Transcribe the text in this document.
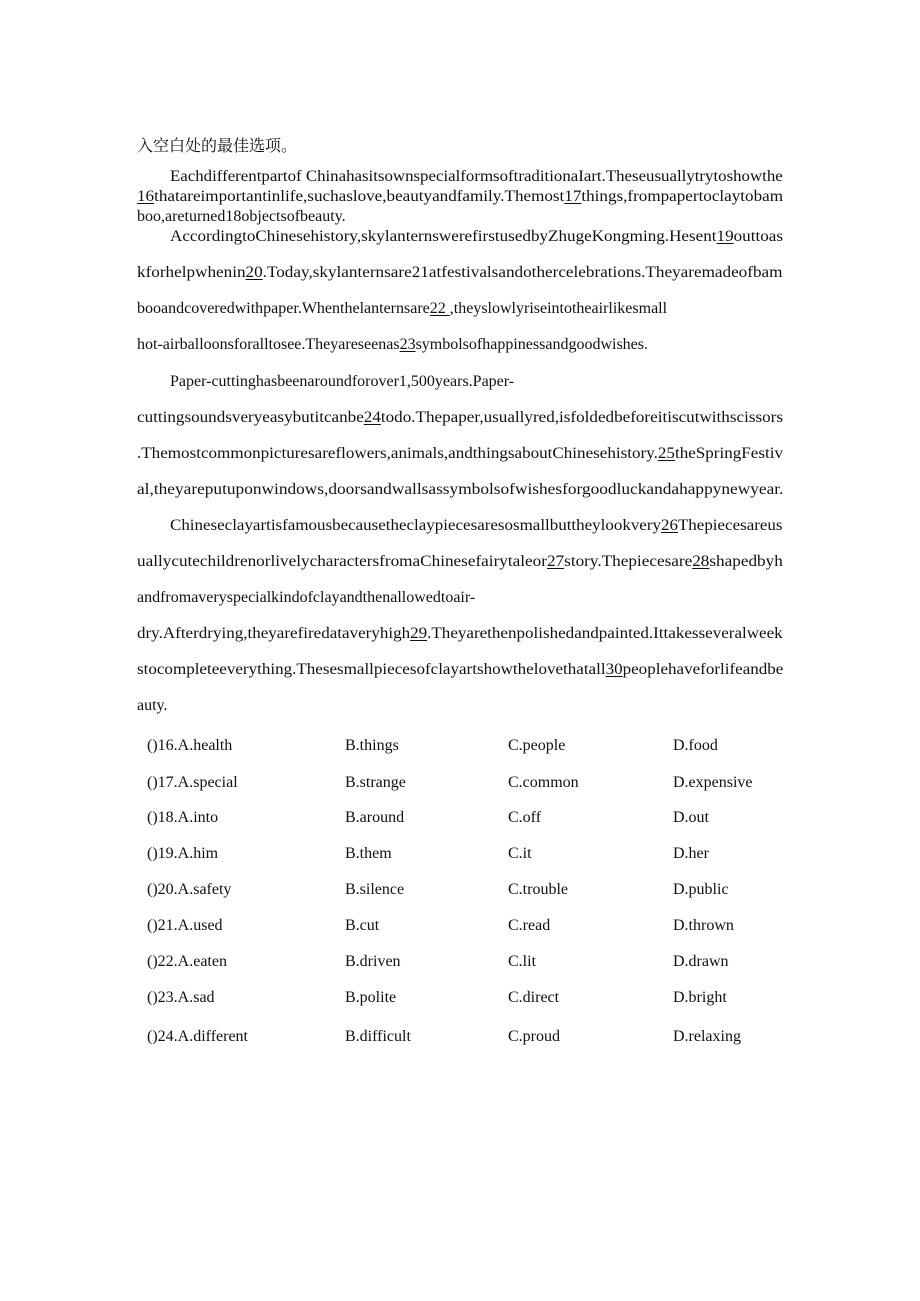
入空白处的最佳选项。
Eachdifferentpartof ChinahasitsownspecialformsoftraditionaIart.Theseusuallytrytoshowthe
16thatareimportantinlife,suchaslove,beautyandfamily.Themost17things,frompapertoclaytobam
boo,areturned18objectsofbeauty.
AccordingtoChinesehistory,skylanternswerefirstusedbyZhugeKongming.Hesent19outtoas
kforhelpwhenin20.Today,skylanternsare21atfestivalsandothercelebrations.Theyaremadeofbam
booandcoveredwithpaper.Whenthelanternsare22 ,theyslowlyriseintotheairlikesmall
hot-airballoonsforalltosee.Theyareseenas23symbolsofhappinessandgoodwishes.
Paper-cuttinghasbeenaroundforover1,500years.Paper-
cuttingsoundsveryeasybutitcanbe24todo.Thepaper,usuallyred,isfoldedbeforeitiscutwithscissors
.Themostcommonpicturesareflowers,animals,andthingsaboutChinesehistory.25theSpringFestiv
al,theyareputuponwindows,doorsandwallsassymbolsofwishesforgoodluckandahappynewyear.
Chineseclayartisfamousbecausetheclaypiecesaresosmallbuttheylookvery26Thepiecesareus
uallycutechildrenorlivelycharactersfromaChinesefairytaleor27story.Thepiecesare28shapedbyh
andfromaveryspecialkindofclayandthenallowedtoair-
dry.Afterdrying,theyarefiredataveryhigh29.Theyarethenpolishedandpainted.Ittakesseveralweek
stocompleteeverything.Thesesmallpiecesofclayartshowthelovethatall30peoplehaveforlifeandbe
auty.
()16.A.health	B.things	C.people	D.food
()17.A.special	B.strange	C.common	D.expensive
()18.A.into	B.around	C.off	D.out
()19.A.him	B.them	C.it	D.her
()20.A.safety	B.silence	C.trouble	D.public
()21.A.used	B.cut	C.read	D.thrown
()22.A.eaten	B.driven	C.lit	D.drawn
()23.A.sad	B.polite	C.direct	D.bright
()24.A.different	B.difficult	C.proud	D.relaxing
